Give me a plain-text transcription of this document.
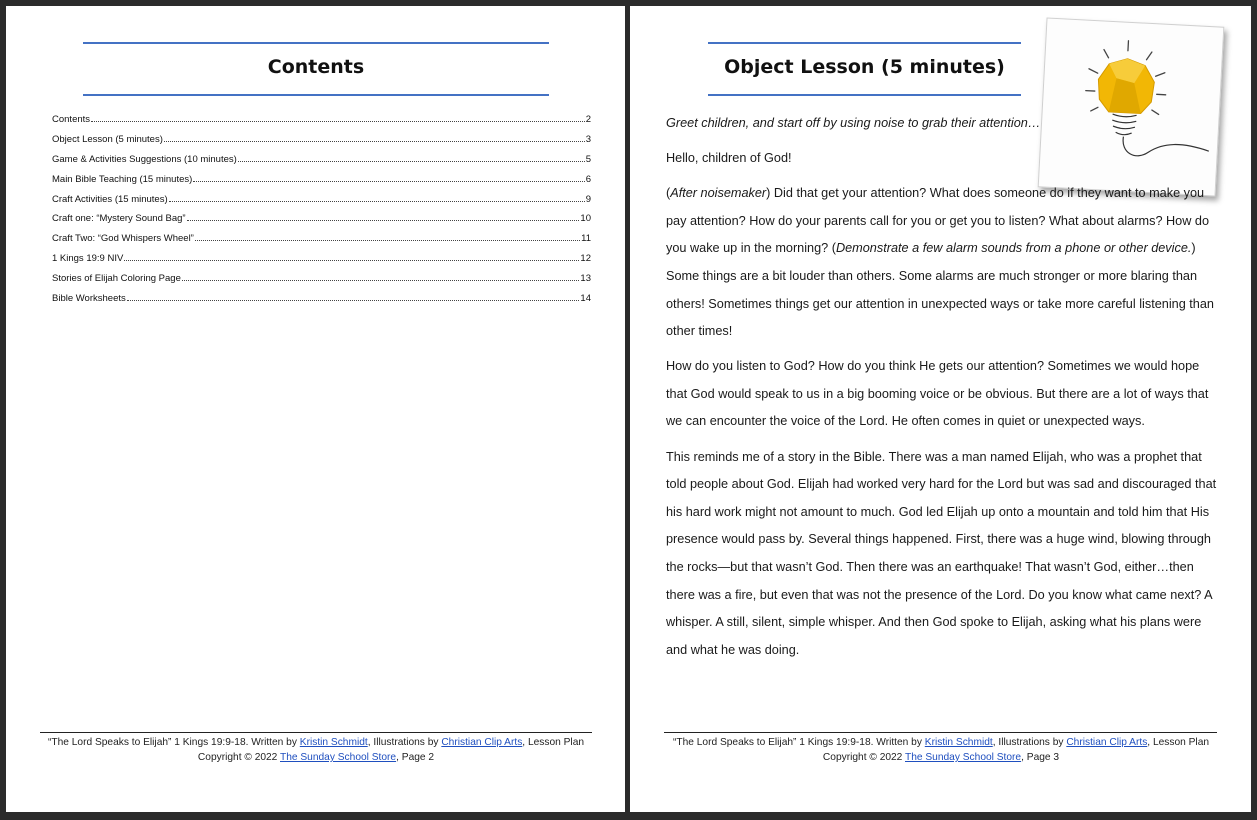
Contents
Contents	2
Object Lesson (5 minutes)	3
Game & Activities Suggestions (10 minutes)	5
Main Bible Teaching (15 minutes)	6
Craft Activities (15 minutes)	9
Craft one: “Mystery Sound Bag”	10
Craft Two: “God Whispers Wheel”	11
1 Kings 19:9 NIV	12
Stories of Elijah Coloring Page	13
Bible Worksheets	14
“The Lord Speaks to Elijah” 1 Kings 19:9-18. Written by Kristin Schmidt, Illustrations by Christian Clip Arts, Lesson Plan Copyright © 2022 The Sunday School Store, Page 2
Object Lesson (5 minutes)

Greet children, and start off by using noise to grab their attention…

Hello, children of God!

(After noisemaker) Did that get your attention? What does someone do if they want to make you pay attention? How do your parents call for you or get you to listen? What about alarms? How do you wake up in the morning? (Demonstrate a few alarm sounds from a phone or other device.) Some things are a bit louder than others. Some alarms are much stronger or more blaring than others! Sometimes things get our attention in unexpected ways or take more careful listening than other times!

How do you listen to God? How do you think He gets our attention? Sometimes we would hope that God would speak to us in a big booming voice or be obvious. But there are a lot of ways that we can encounter the voice of the Lord. He often comes in quiet or unexpected ways.

This reminds me of a story in the Bible. There was a man named Elijah, who was a prophet that told people about God. Elijah had worked very hard for the Lord but was sad and discouraged that his hard work might not amount to much. God led Elijah up onto a mountain and told him that His presence would pass by. Several things happened. First, there was a huge wind, blowing through the rocks—but that wasn’t God. Then there was an earthquake! That wasn’t God, either…then there was a fire, but even that was not the presence of the Lord. Do you know what came next? A whisper. A still, silent, simple whisper. And then God spoke to Elijah, asking what his plans were and what he was doing.

“The Lord Speaks to Elijah” 1 Kings 19:9-18. Written by Kristin Schmidt, Illustrations by Christian Clip Arts, Lesson Plan Copyright © 2022 The Sunday School Store, Page 3
